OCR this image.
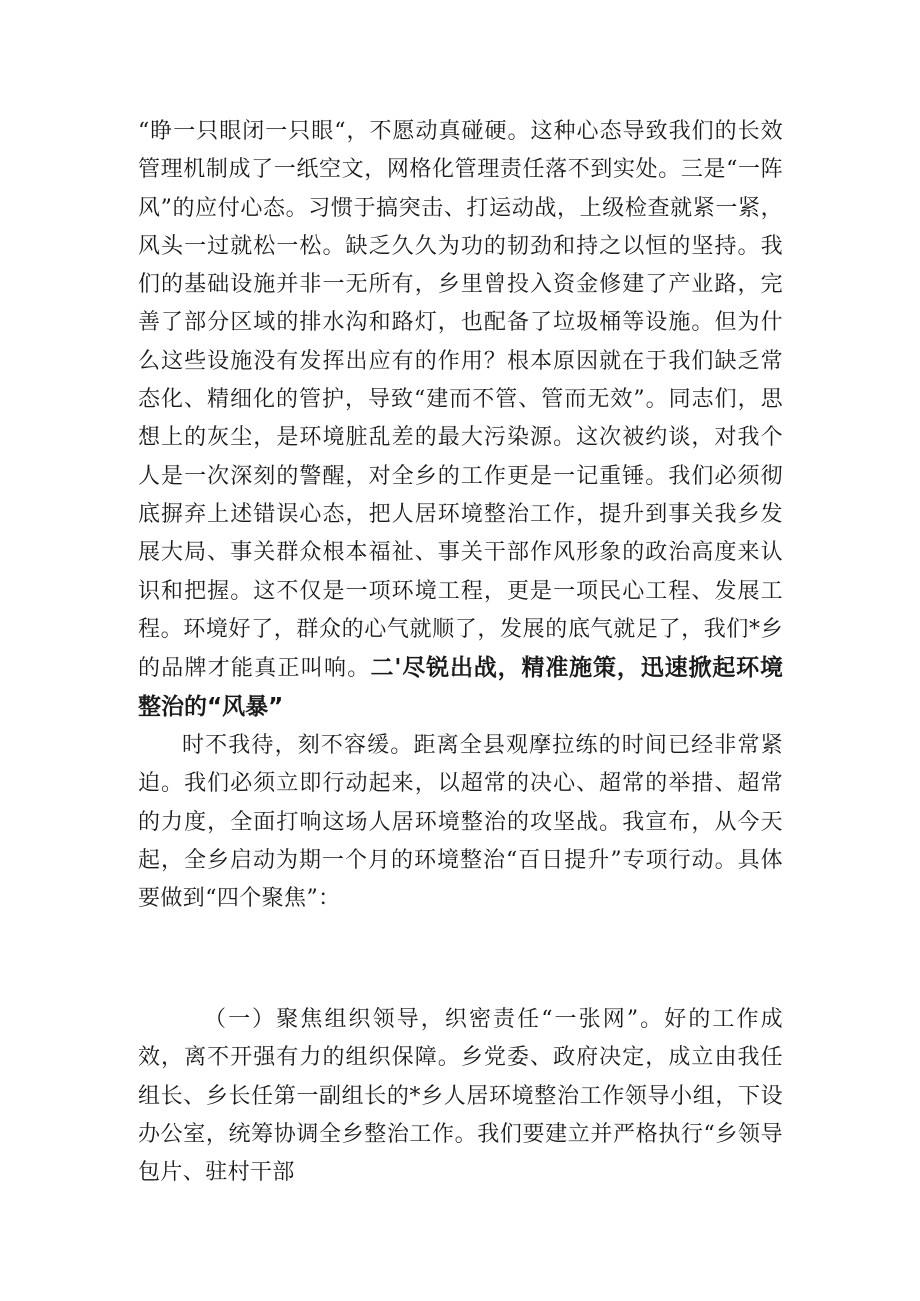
“睁一只眼闭一只眼“，不愿动真碰硬。这种心态导致我们的长效管理机制成了一纸空文，网格化管理责任落不到实处。三是“一阵风”的应付心态。习惯于搞突击、打运动战，上级检查就紧一紧，风头一过就松一松。缺乏久久为功的韧劲和持之以恒的坚持。我们的基础设施并非一无所有，乡里曾投入资金修建了产业路，完善了部分区域的排水沟和路灯，也配备了垃圾桶等设施。但为什么这些设施没有发挥出应有的作用？根本原因就在于我们缺乏常态化、精细化的管护，导致“建而不管、管而无效”。同志们，思想上的灰尘，是环境脏乱差的最大污染源。这次被约谈，对我个人是一次深刻的警醒，对全乡的工作更是一记重锤。我们必须彻底摒弃上述错误心态，把人居环境整治工作，提升到事关我乡发展大局、事关群众根本福祉、事关干部作风形象的政治高度来认识和把握。这不仅是一项环境工程，更是一项民心工程、发展工程。环境好了，群众的心气就顺了，发展的底气就足了，我们*乡的品牌才能真正叫响。二'尽锐出战，精准施策，迅速掀起环境整治的“风暴”
时不我待，刻不容缓。距离全县观摩拉练的时间已经非常紧迫。我们必须立即行动起来，以超常的决心、超常的举措、超常的力度，全面打响这场人居环境整治的攻坚战。我宣布，从今天起，全乡启动为期一个月的环境整治“百日提升”专项行动。具体要做到“四个聚焦”：
（一）聚焦组织领导，织密责任“一张网”。好的工作成效，离不开强有力的组织保障。乡党委、政府决定，成立由我任组长、乡长任第一副组长的*乡人居环境整治工作领导小组，下设办公室，统筹协调全乡整治工作。我们要建立并严格执行“乡领导包片、驻村干部
